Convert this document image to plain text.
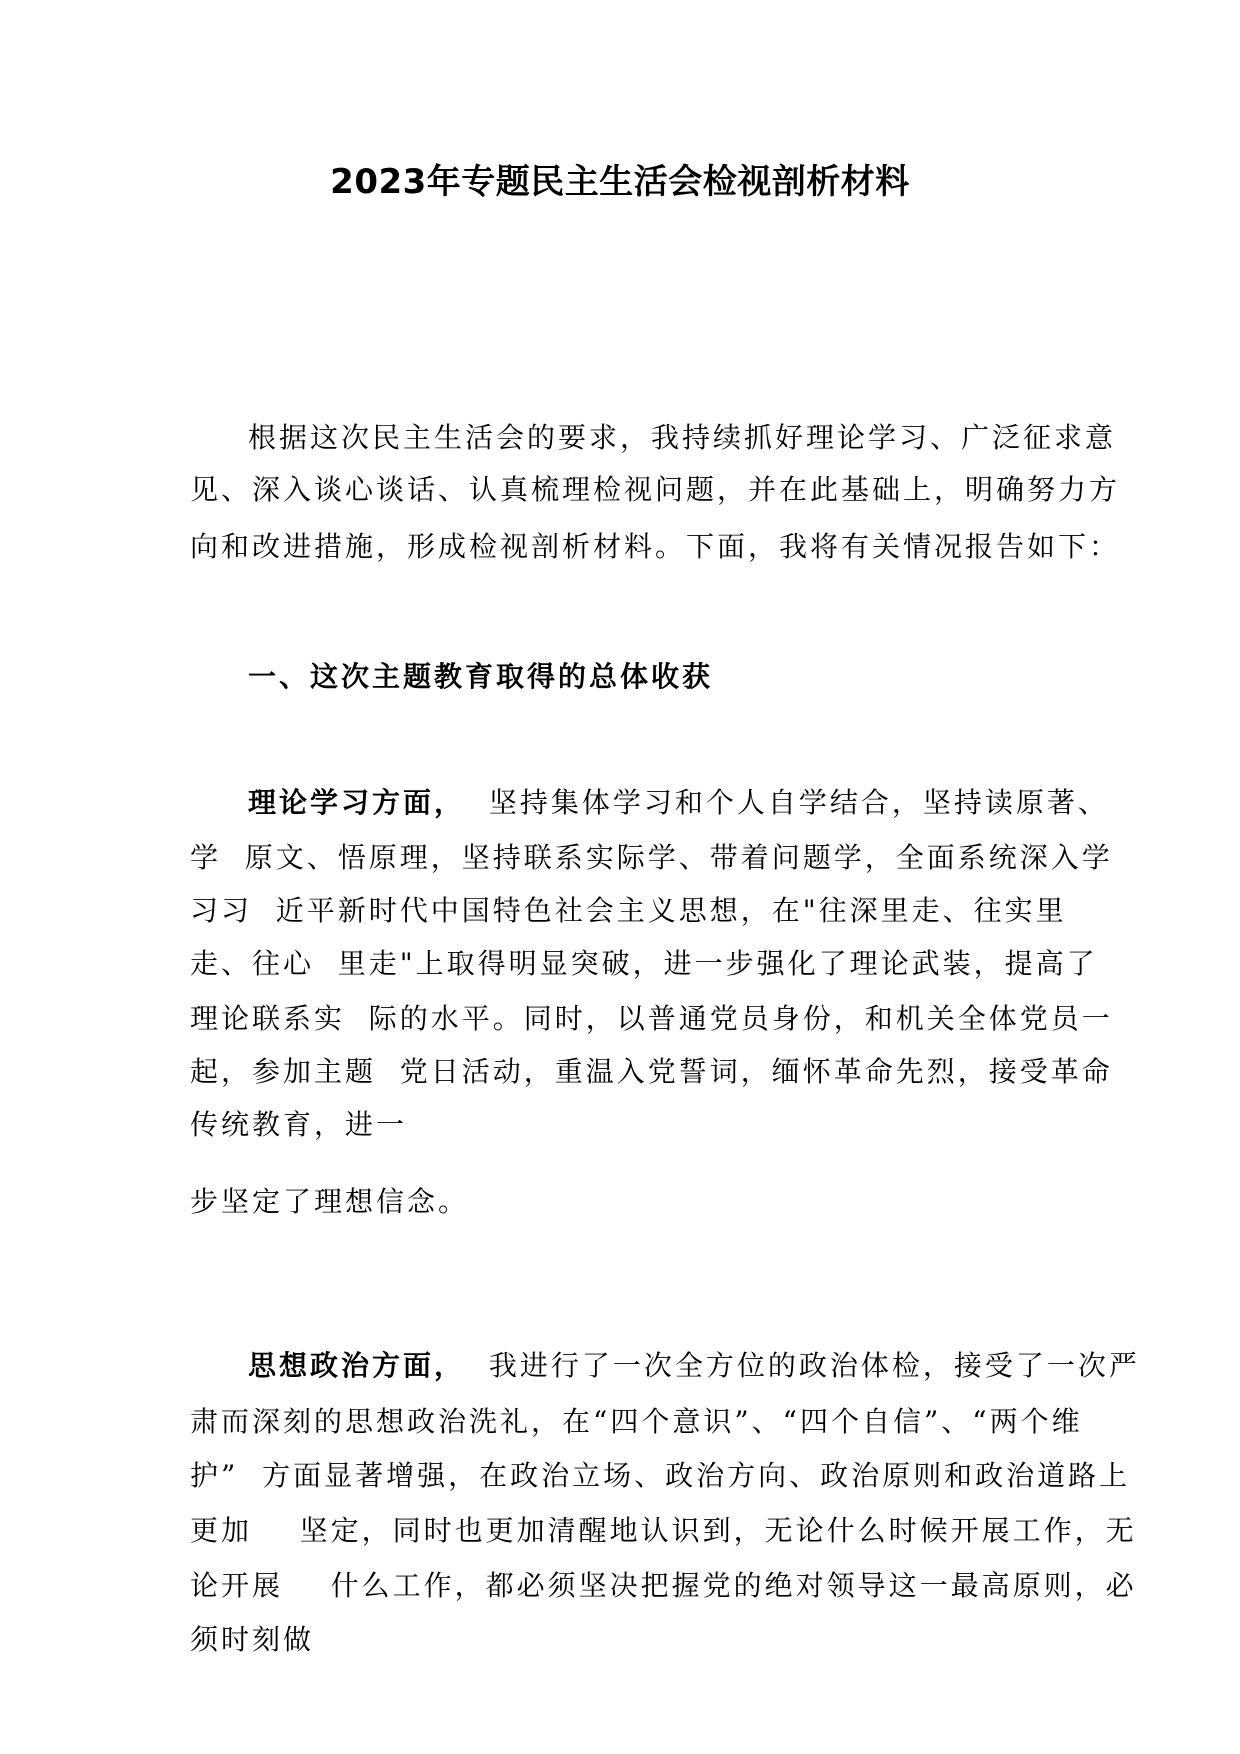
2023年专题民主生活会检视剖析材料
根据这次民主生活会的要求，我持续抓好理论学习、广泛征求意
见、深入谈心谈话、认真梳理检视问题，并在此基础上，明确努力方
向和改进措施，形成检视剖析材料。下面，我将有关情况报告如下：
一、这次主题教育取得的总体收获
理论学习方面， 坚持集体学习和个人自学结合，坚持读原著、
学  原文、悟原理，坚持联系实际学、带着问题学，全面系统深入学
习习  近平新时代中国特色社会主义思想，在"往深里走、往实里
走、往心  里走"上取得明显突破，进一步强化了理论武装，提高了
理论联系实  际的水平。同时，以普通党员身份，和机关全体党员一
起，参加主题  党日活动，重温入党誓词，缅怀革命先烈，接受革命
传统教育，进一
步坚定了理想信念。
思想政治方面， 我进行了一次全方位的政治体检，接受了一次严
肃而深刻的思想政治洗礼，在“四个意识”、“四个自信”、“两个维
护”  方面显著增强，在政治立场、政治方向、政治原则和政治道路上
更加    坚定，同时也更加清醒地认识到，无论什么时候开展工作，无
论开展    什么工作，都必须坚决把握党的绝对领导这一最高原则，必
须时刻做
